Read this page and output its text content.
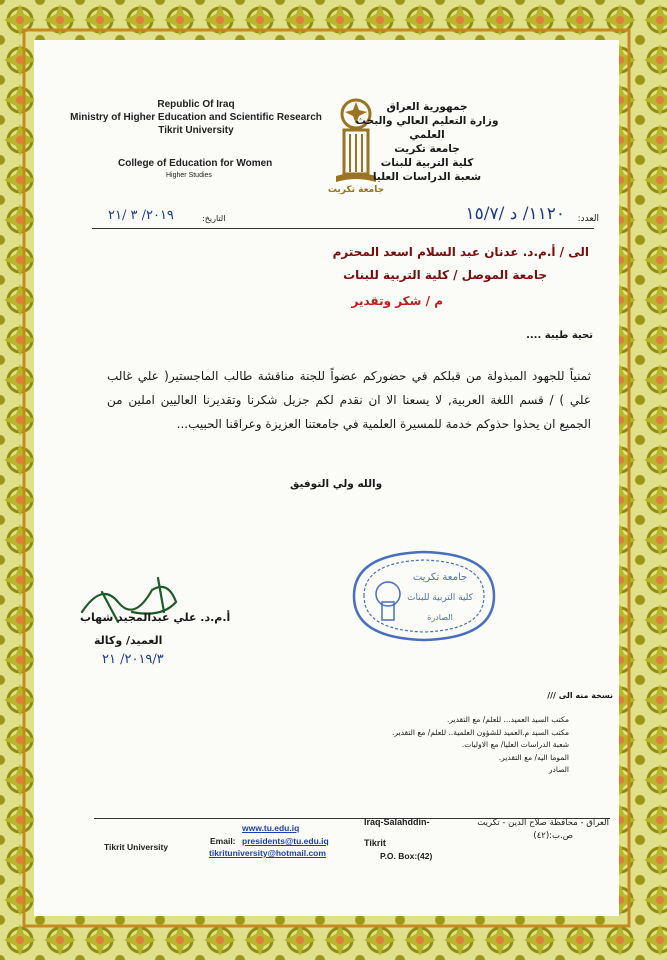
Republic Of Iraq
Ministry of Higher Education and Scientific Research
Tikrit University
College of Education for Women
Higher Studies
جامعة تكريت
جمهورية العراق
وزارة التعليم العالي والبحث العلمي
جامعة تكريت
كلية التربية للبنات
شعبة الدراسات العليا
العدد:
١١٢٠/ د /١٥/٧
التاريخ:
٢٠١٩/ ٣ /٢١
الى / أ.م.د. عدنان عبد السلام اسعد المحترم
جامعة الموصل / كلية التربية للبنات
م / شكر وتقدير
تحية طيبة ....
ثمنياً للجهود المبذولة من قبلكم في حضوركم عضواً للجنة مناقشة طالب الماجستير( علي غالب علي ) / قسم اللغة العربية, لا يسعنا الا ان نقدم لكم جزيل شكرنا وتقديرنا العاليين املين من الجميع ان يحذوا حذوكم خدمة للمسيرة العلمية في جامعتنا العزيزة وعراقنا الحبيب...
والله ولي التوفيق
جامعة تكريت
كلية التربية للبنات
الصادرة
أ.م.د. علي عبدالمجيد شهاب
العميد/ وكالة
٢٠١٩/٣/ ٢١
نسخة منه الى ///
مكتب السيد العميد... للعلم/ مع التقدير.
مكتب السيد م.العميد للشؤون العلمية.. للعلم/ مع التقدير.
شعبة الدراسات العليا/ مع الاوليات.
الموما اليه/ مع التقدير.
الصادر
Tikrit University
www.tu.edu.iq
Email: presidents@tu.edu.iq
tikrituniversity@hotmail.com
Iraq-Salahddin-
Tikrit
P.O. Box:(42)
العراق - محافظة صلاح الدين - تكريت
ص.ب:(٤٢)
